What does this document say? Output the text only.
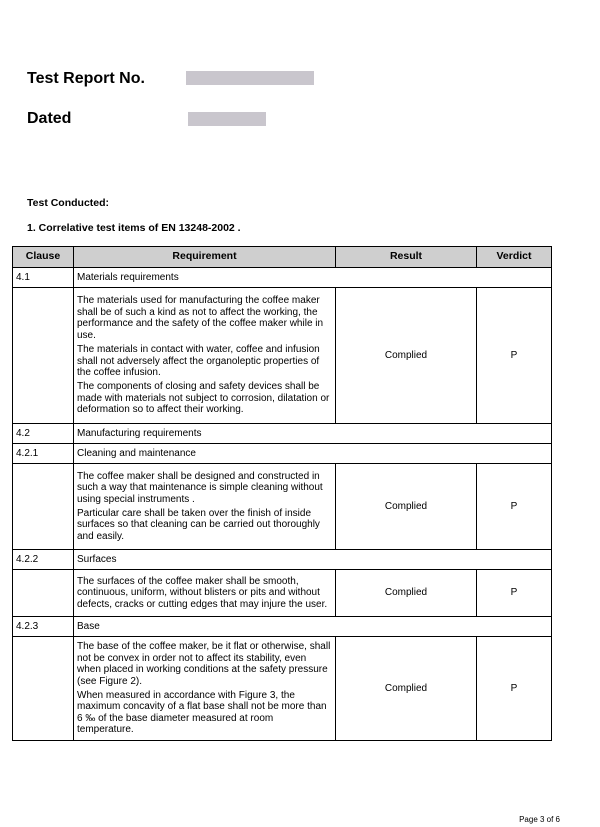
Test Report No.
Dated
Test Conducted:
1. Correlative test items of EN 13248-2002 .
Clause	Requirement	Result	Verdict
4.1	Materials requirements		

	The materials used for manufacturing the coffee maker shall be of such a kind as not to affect the working, the performance and the safety of the coffee maker while in use.

The materials in contact with water, coffee and infusion shall not adversely affect the organoleptic properties of the coffee infusion.

The components of closing and safety devices shall be made with materials not subject to corrosion, dilatation or deformation so to affect their working.	Complied	P
4.2	Manufacturing requirements		
4.2.1	Cleaning and maintenance		

	The coffee maker shall be designed and constructed in such a way that maintenance is simple cleaning without using special instruments .

Particular care shall be taken over the finish of inside surfaces so that cleaning can be carried out thoroughly and easily.	Complied	P
4.2.2	Surfaces		

	The surfaces of the coffee maker shall be smooth, continuous, uniform, without blisters or pits and without defects, cracks or cutting edges that may injure the user.	Complied	P
4.2.3	Base		

	The base of the coffee maker, be it flat or otherwise, shall not be convex in order not to affect its stability, even when placed in working conditions at the safety pressure (see Figure 2).

When measured in accordance with Figure 3, the maximum concavity of a flat base shall not be more than 6 ‰ of the base diameter measured at room temperature.	Complied	P
Page 3 of 6
